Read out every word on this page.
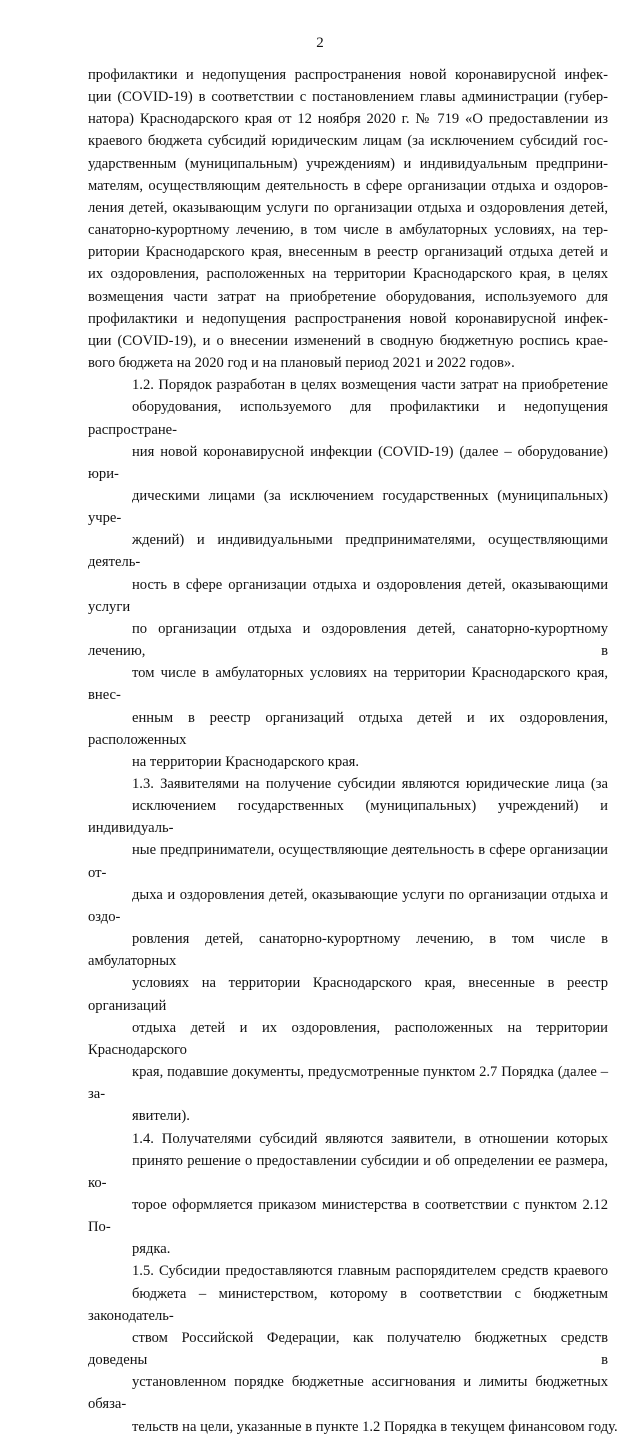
2
профилактики и недопущения распространения новой коронавирусной инфек-
ции (COVID-19) в соответствии с постановлением главы администрации (губер-
натора) Краснодарского края от 12 ноября 2020 г. № 719 «О предоставлении из
краевого бюджета субсидий юридическим лицам (за исключением субсидий гос-
ударственным (муниципальным) учреждениям) и индивидуальным предприни-
мателям, осуществляющим деятельность в сфере организации отдыха и оздоров-
ления детей, оказывающим услуги по организации отдыха и оздоровления детей,
санаторно-курортному лечению, в том числе в амбулаторных условиях, на тер-
ритории Краснодарского края, внесенным в реестр организаций отдыха детей и
их оздоровления, расположенных на территории Краснодарского края, в целях
возмещения части затрат на приобретение оборудования, используемого для
профилактики и недопущения распространения новой коронавирусной инфек-
ции (COVID-19), и о внесении изменений в сводную бюджетную роспись крае-
вого бюджета на 2020 год и на плановый период 2021 и 2022 годов».
1.2. Порядок разработан в целях возмещения части затрат на приобретение
оборудования, используемого для профилактики и недопущения распростране-
ния новой коронавирусной инфекции (COVID-19) (далее – оборудование) юри-
дическими лицами (за исключением государственных (муниципальных) учре-
ждений) и индивидуальными предпринимателями, осуществляющими деятель-
ность в сфере организации отдыха и оздоровления детей, оказывающими услуги
по организации отдыха и оздоровления детей, санаторно-курортному лечению, в
том числе в амбулаторных условиях на территории Краснодарского края, внес-
енным в реестр организаций отдыха детей и их оздоровления, расположенных
на территории Краснодарского края.
1.3. Заявителями на получение субсидии являются юридические лица (за
исключением государственных (муниципальных) учреждений) и индивидуаль-
ные предприниматели, осуществляющие деятельность в сфере организации от-
дыха и оздоровления детей, оказывающие услуги по организации отдыха и оздо-
ровления детей, санаторно-курортному лечению, в том числе в амбулаторных
условиях на территории Краснодарского края, внесенные в реестр организаций
отдыха детей и их оздоровления, расположенных на территории Краснодарского
края, подавшие документы, предусмотренные пунктом 2.7 Порядка (далее – за-
явители).
1.4. Получателями субсидий являются заявители, в отношении которых
принято решение о предоставлении субсидии и об определении ее размера, ко-
торое оформляется приказом министерства в соответствии с пунктом 2.12 По-
рядка.
1.5. Субсидии предоставляются главным распорядителем средств краевого
бюджета – министерством, которому в соответствии с бюджетным законодатель-
ством Российской Федерации, как получателю бюджетных средств доведены в
установленном порядке бюджетные ассигнования и лимиты бюджетных обяза-
тельств на цели, указанные в пункте 1.2 Порядка в текущем финансовом году.
